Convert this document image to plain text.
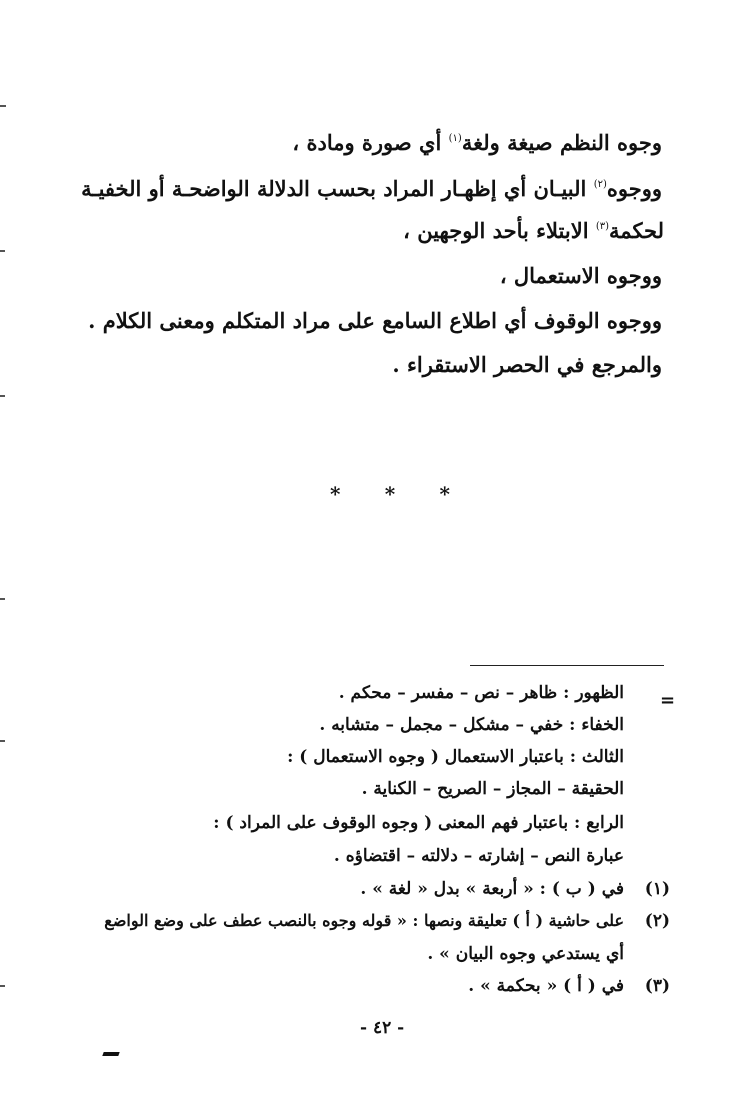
وجوه النظم صيغة ولغة$^{(١)}$ أي صورة ومادة ،
ووجوه$^{(٢)}$ البيـان أي إظهـار المراد بحسب الدلالة الواضحـة أو الخفيـة
لحكمة$^{(٣)}$ الابتلاء بأحد الوجهين ،
ووجوه الاستعمال ،
ووجوه الوقوف أي اطلاع السامع على مراد المتكلم ومعنى الكلام .
والمرجع في الحصر الاستقراء .
* * *
=
الظهور : ظاهر – نص – مفسر – محكم .
الخفاء : خفي – مشكل – مجمل – متشابه .
الثالث : باعتبار الاستعمال ( وجوه الاستعمال ) :
الحقيقة – المجاز – الصريح – الكناية .
الرابع : باعتبار فهم المعنى ( وجوه الوقوف على المراد ) :
عبارة النص – إشارته – دلالته – اقتضاؤه .
(١)
في ( ب ) : « أربعة » بدل « لغة » .
(٢)
على حاشية ( أ ) تعليقة ونصها : « قوله وجوه بالنصب عطف على وضع الواضع
أي يستدعي وجوه البيان » .
(٣)
في ( أ ) « بحكمة » .
- ٤٢ -
